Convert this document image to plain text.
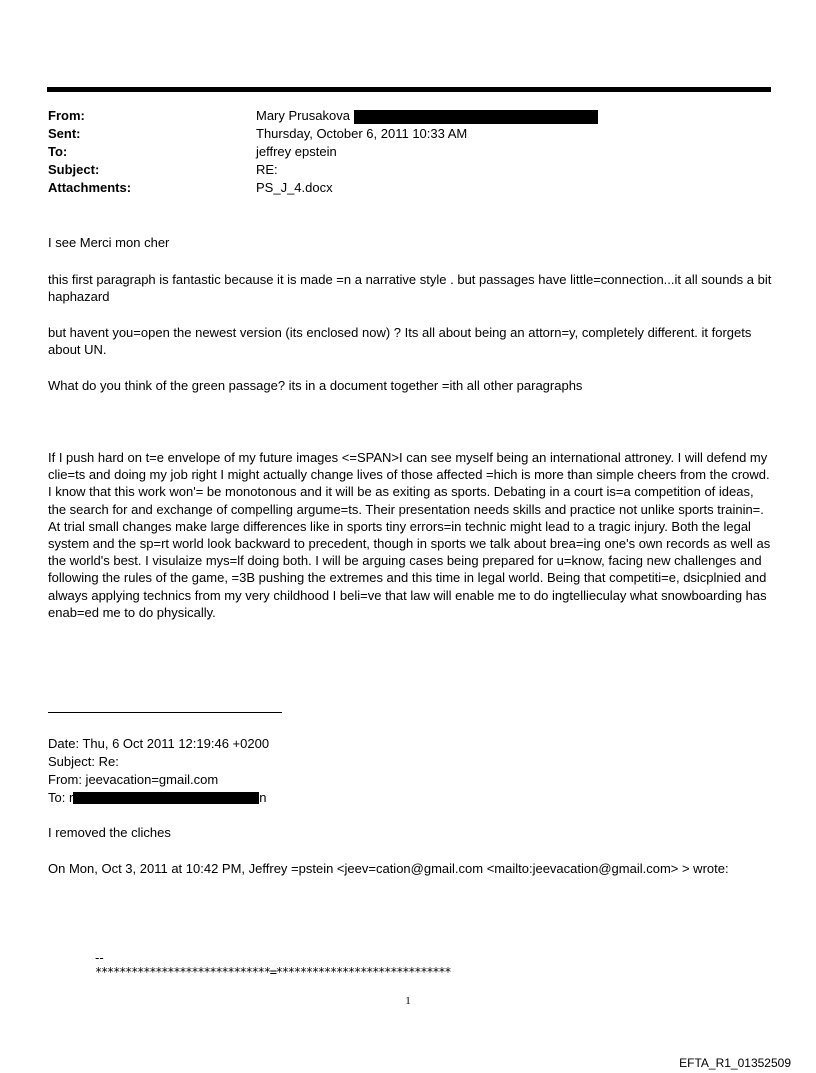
From:	Mary Prusakova
Sent:	Thursday, October 6, 2011 10:33 AM
To:	jeffrey epstein
Subject:	RE:
Attachments:	PS_J_4.docx
I see Merci mon cher
this first paragraph is fantastic because it is made =n a narrative style . but passages have little=connection...it all sounds a bit haphazard
but havent you=open the newest version (its enclosed now) ? Its all about being an attorn=y, completely different. it forgets about UN.
What do you think of the green passage? its in a document together =ith all other paragraphs
If I push hard on t=e envelope of my future images <=SPAN>I can see myself being an international attroney. I will defend my clie=ts and doing my job right I might actually change lives of those affected =hich is more than simple cheers from the crowd. I know that this work won'= be monotonous and it will be as exiting as sports. Debating in a court is=a competition of ideas, the search for and exchange of compelling argume=ts. Their presentation needs skills and practice not unlike sports trainin=. At trial small changes make large differences like in sports tiny errors=in technic might lead to a tragic injury. Both the legal system and the sp=rt world look backward to precedent, though in sports we talk about brea=ing one's own records as well as the world's best. I visulaize mys=lf doing both. I will be arguing cases being prepared for u=know, facing new challenges and following the rules of the game, =3B pushing the extremes and this time in legal world. Being that competiti=e, dsicplnied and always applying technics from my very childhood I beli=ve that law will enable me to do ingtellieculay what snowboarding has enab=ed me to do physically.
Date: Thu, 6 Oct 2011 12:19:46 +0200
Subject: Re:
From: jeevacation=gmail.com
To: r	n
I removed the cliches
On Mon, Oct 3, 2011 at 10:42 PM, Jeffrey =pstein <jeev=cation@gmail.com <mailto:jeevacation@gmail.com> > wrote:
--
*****************************=*****************************
1
EFTA_R1_01352509
